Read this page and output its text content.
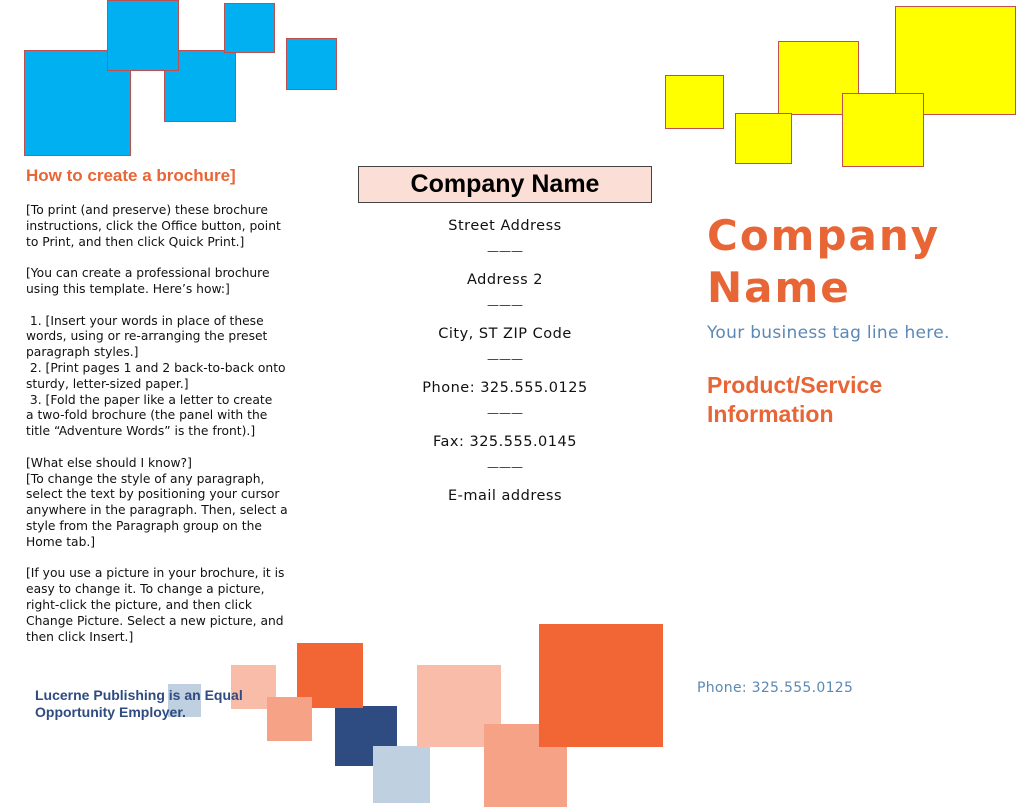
How to create a brochure]

[To print (and preserve) these brochure
instructions, click the Office button, point
to Print, and then click Quick Print.]

[You can create a professional brochure
using this template. Here’s how:]

1. [Insert your words in place of these
words, using or re-arranging the preset
paragraph styles.]
2. [Print pages 1 and 2 back-to-back onto
sturdy, letter-sized paper.]
3. [Fold the paper like a letter to create
a two-fold brochure (the panel with the
title “Adventure Words” is the front).]

[What else should I know?]
[To change the style of any paragraph,
select the text by positioning your cursor
anywhere in the paragraph. Then, select a
style from the Paragraph group on the
Home tab.]

[If you use a picture in your brochure, it is
easy to change it. To change a picture,
right-click the picture, and then click
Change Picture. Select a new picture, and
then click Insert.]

Lucerne Publishing is an Equal
Opportunity Employer.
Company Name
Street Address
———
Address 2
———
City, ST ZIP Code
———
Phone: 325.555.0125
———
Fax: 325.555.0145
———
E-mail address
Company
Name
Your business tag line here.
Product/Service
Information
Phone: 325.555.0125
